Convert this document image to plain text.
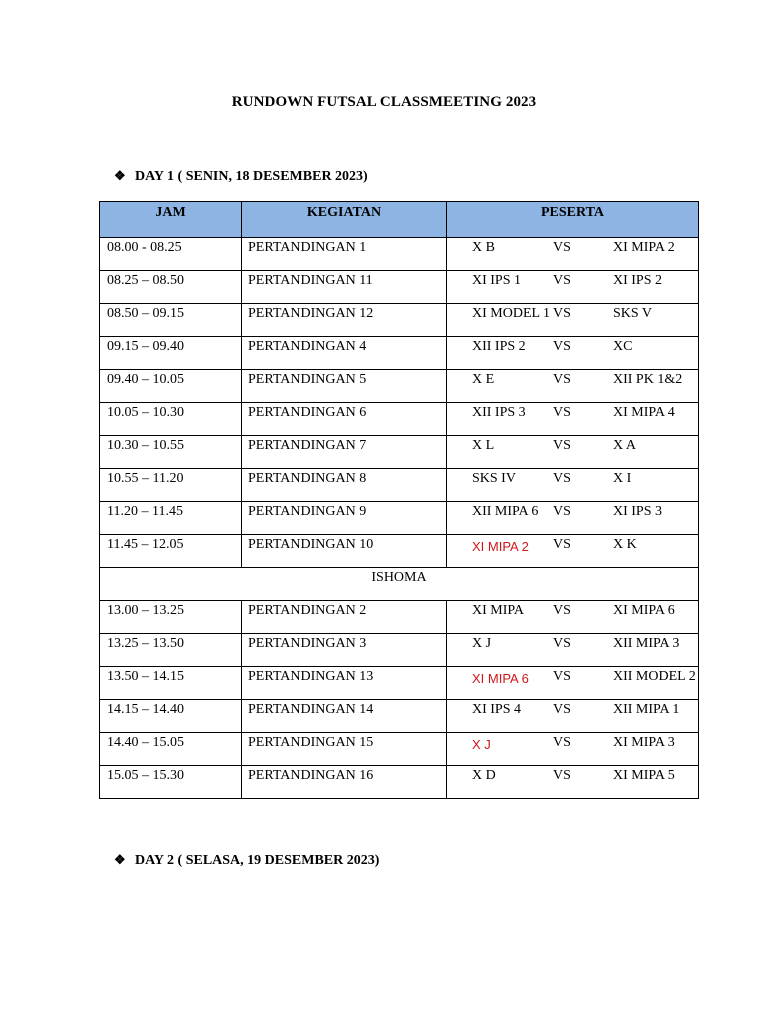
RUNDOWN FUTSAL CLASSMEETING 2023
❖ DAY 1 ( SENIN, 18 DESEMBER 2023)
JAM	KEGIATAN	PESERTA
08.00 - 08.25	PERTANDINGAN 1	X B VS XI MIPA 2

08.25 – 08.50	PERTANDINGAN 11	XI IPS 1 VS XI IPS 2

08.50 – 09.15	PERTANDINGAN 12	XI MODEL 1 VS SKS V

09.15 – 09.40	PERTANDINGAN 4	XII IPS 2 VS XC

09.40 – 10.05	PERTANDINGAN 5	X E VS XII PK 1&2

10.05 – 10.30	PERTANDINGAN 6	XII IPS 3 VS XI MIPA 4

10.30 – 10.55	PERTANDINGAN 7	X L VS X A

10.55 – 11.20	PERTANDINGAN 8	SKS IV VS X I

11.20 – 11.45	PERTANDINGAN 9	XII MIPA 6 VS XI IPS 3

11.45 – 12.05	PERTANDINGAN 10	XI MIPA 2 VS X K

ISHOMA		
13.00 – 13.25	PERTANDINGAN 2	XI MIPA VS XI MIPA 6

13.25 – 13.50	PERTANDINGAN 3	X J VS XII MIPA 3

13.50 – 14.15	PERTANDINGAN 13	XI MIPA 6 VS XII MODEL 2

14.15 – 14.40	PERTANDINGAN 14	XI IPS 4 VS XII MIPA 1

14.40 – 15.05	PERTANDINGAN 15	X J VS XI MIPA 3

15.05 – 15.30	PERTANDINGAN 16	X D VS XI MIPA 5
❖ DAY 2 ( SELASA, 19 DESEMBER 2023)
